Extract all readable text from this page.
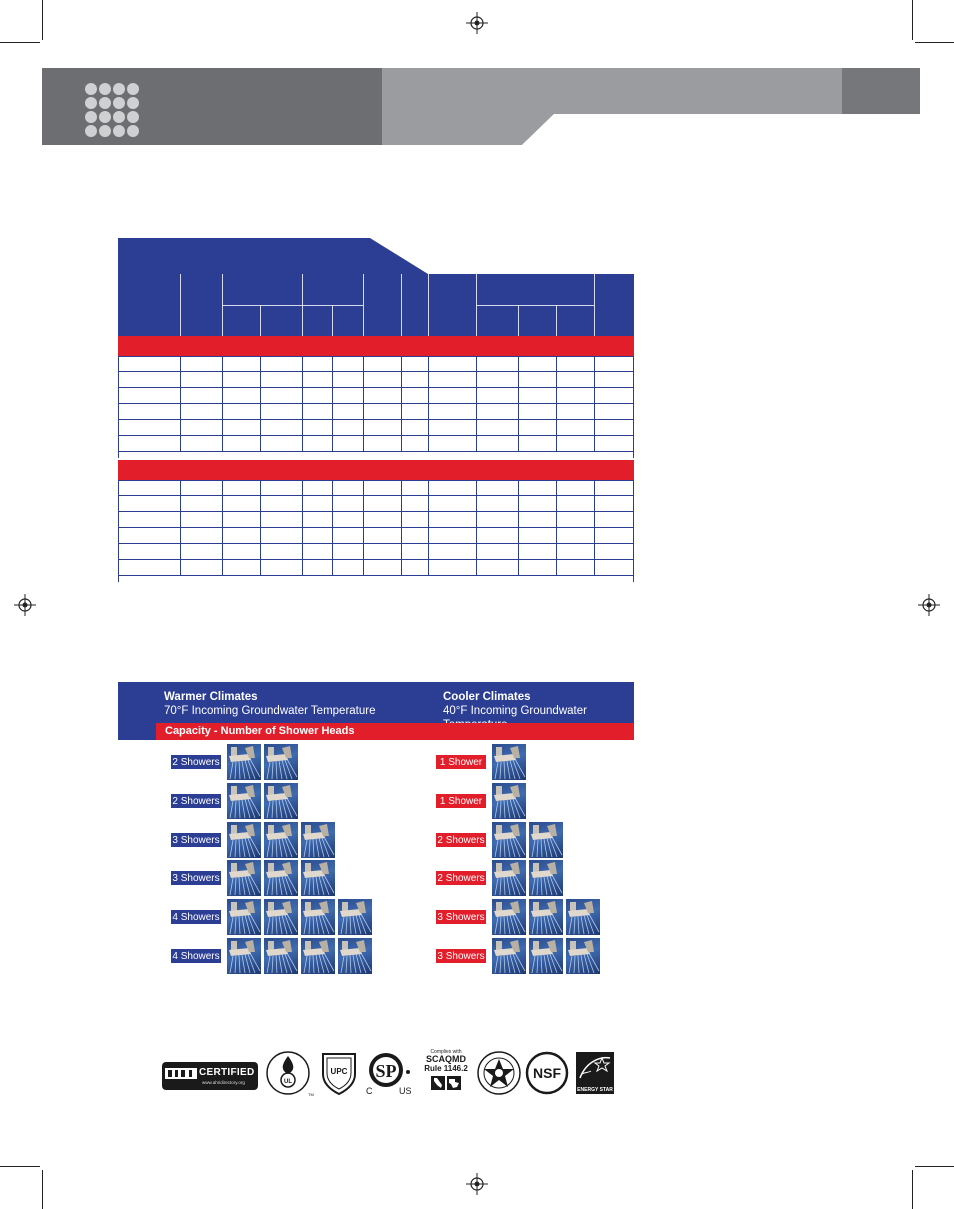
Warmer Climates
70°F Incoming Groundwater Temperature
Cooler Climates
40°F Incoming Groundwater
Capacity - Number of Shower Heads
2 Showers	1 Shower
2 Showers	1 Shower
3 Showers	2 Showers
3 Showers	2 Showers
4 Showers	3 Showers
4 Showers	3 Showers
CERTIFIED
www.ahridirectory.org	UL
TM
UPC SP
C	US
Complies with
SCAQMD
Rule 1146.2	NSF
ENERGY STAR
